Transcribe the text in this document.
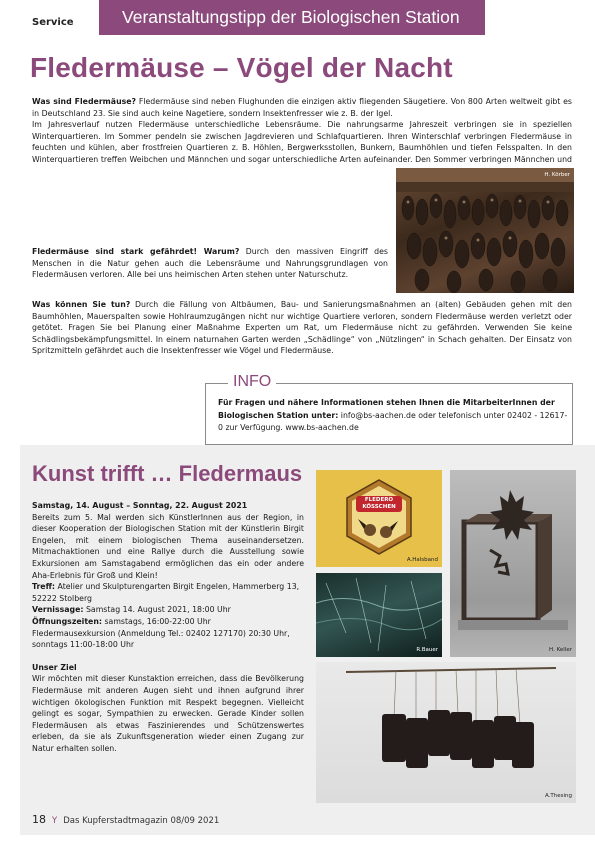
Service	Veranstaltungstipp der Biologischen Station
Fledermäuse – Vögel der Nacht
Was sind Fledermäuse? Fledermäuse sind neben Flughunden die einzigen aktiv fliegenden Säugetiere. Von 800 Arten weltweit gibt es in Deutschland 23. Sie sind auch keine Nagetiere, sondern Insektenfresser wie z. B. der Igel.
Im Jahresverlauf nutzen Fledermäuse unterschiedliche Lebensräume. Die nahrungsarme Jahreszeit verbringen sie in speziellen Winterquartieren. Im Sommer pendeln sie zwischen Jagdrevieren und Schlafquartieren. Ihren Winterschlaf verbringen Fledermäuse in feuchten und kühlen, aber frostfreien Quartieren z. B. Höhlen, Bergwerksstollen, Bunkern, Baumhöhlen und tiefen Felsspalten. In den Winterquartieren treffen Weibchen und Männchen und sogar unterschiedliche Arten aufeinander. Den Sommer verbringen Männchen und
H. Körber
Fledermäuse sind stark gefährdet! Warum? Durch den massiven Eingriff des Menschen in die Natur gehen auch die Lebensräume und Nahrungsgrundlagen von Fledermäusen verloren. Alle bei uns heimischen Arten stehen unter Naturschutz.
Was können Sie tun? Durch die Fällung von Altbäumen, Bau- und Sanierungsmaßnahmen an (alten) Gebäuden gehen mit den Baumhöhlen, Mauerspalten sowie Hohlraumzugängen nicht nur wichtige Quartiere verloren, sondern Fledermäuse werden verletzt oder getötet. Fragen Sie bei Planung einer Maßnahme Experten um Rat, um Fledermäuse nicht zu gefährden. Verwenden Sie keine Schädlingsbekämpfungsmittel. In einem naturnahen Garten werden „Schädlinge“ von „Nützlingen“ in Schach gehalten. Der Einsatz von Spritzmitteln gefährdet auch die Insektenfresser wie Vögel und Fledermäuse.
INFO
Für Fragen und nähere Informationen stehen Ihnen die MitarbeiterInnen der Biologischen Station unter: info@bs-aachen.de oder telefonisch unter 02402 - 12617-0 zur Verfügung. www.bs-aachen.de
Kunst trifft … Fledermaus
Samstag, 14. August – Sonntag, 22. August 2021
Bereits zum 5. Mal werden sich KünstlerInnen aus der Region, in dieser Kooperation der Biologischen Station mit der Künstlerin Birgit Engelen, mit einem biologischen Thema auseinandersetzen. Mitmachaktionen und eine Rallye durch die Ausstellung sowie Exkursionen am Samstagabend ermöglichen das ein oder andere Aha-Erlebnis für Groß und Klein!
Treff: Atelier und Skulpturengarten Birgit Engelen, Hammerberg 13, 52222 Stolberg
Vernissage: Samstag 14. August 2021, 18:00 Uhr
Öffnungszeiten: samstags, 16:00-22:00 Uhr
Fledermausexkursion (Anmeldung Tel.: 02402 127170) 20:30 Uhr, sonntags 11:00-18:00 Uhr
Unser Ziel
Wir möchten mit dieser Kunstaktion erreichen, dass die Bevölkerung Fledermäuse mit anderen Augen sieht und ihnen aufgrund ihrer wichtigen ökologischen Funktion mit Respekt begegnen. Vielleicht gelingt es sogar, Sympathien zu erwecken. Gerade Kinder sollen Fledermäusen als etwas Faszinierendes und Schützenswertes erleben, da sie als Zukunftsgeneration wieder einen Zugang zur Natur erhalten sollen.
FLEDERO
KÖSSCHEN
A.Halsband
H. Keller
R.Bauer
A.Thesing
18 Y Das Kupferstadtmagazin 08/09 2021
